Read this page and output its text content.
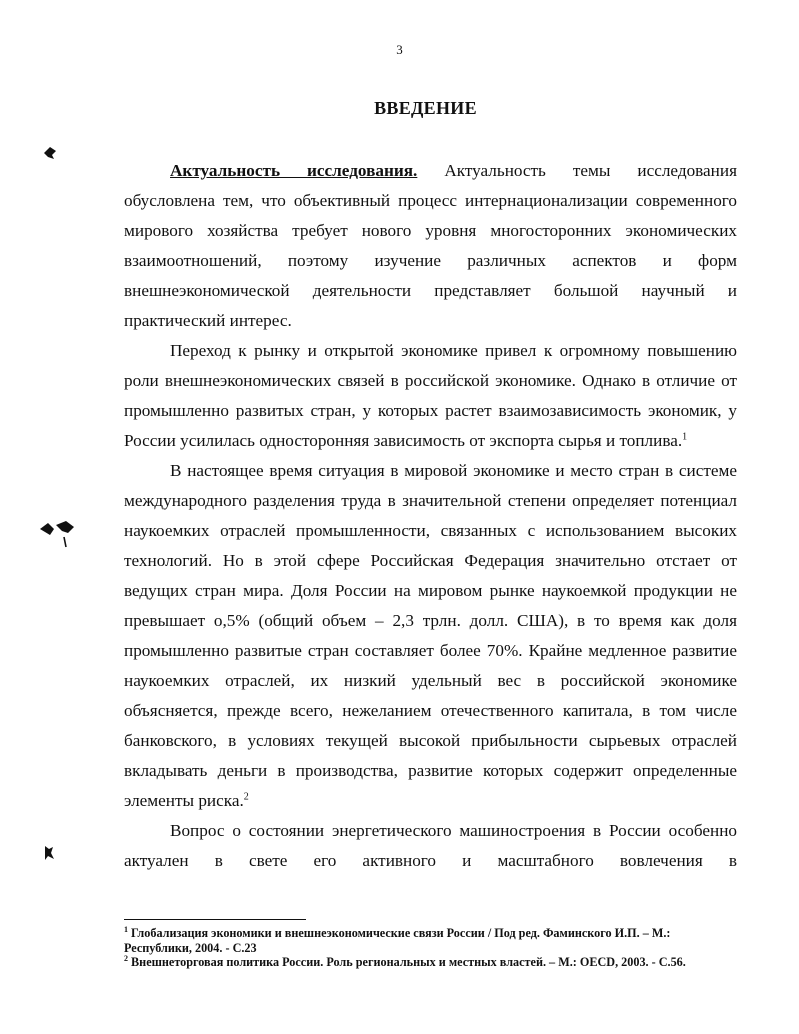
3
ВВЕДЕНИЕ

Актуальность исследования. Актуальность темы исследования обусловлена тем, что объективный процесс интернационализации современного мирового хозяйства требует нового уровня многосторонних экономических взаимоотношений, поэтому изучение различных аспектов и форм внешнеэкономической деятельности представляет большой научный и практический интерес.

Переход к рынку и открытой экономике привел к огромному повышению роли внешнеэкономических связей в российской экономике. Однако в отличие от промышленно развитых стран, у которых растет взаимозависимость экономик, у России усилилась односторонняя зависимость от экспорта сырья и топлива.$^1$

В настоящее время ситуация в мировой экономике и место стран в системе международного разделения труда в значительной степени определяет потенциал наукоемких отраслей промышленности, связанных с использованием высоких технологий. Но в этой сфере Российская Федерация значительно отстает от ведущих стран мира. Доля России на мировом рынке наукоемкой продукции не превышает о,5% (общий объем – 2,3 трлн. долл. США), в то время как доля промышленно развитые стран составляет более 70%. Крайне медленное развитие наукоемких отраслей, их низкий удельный вес в российской экономике объясняется, прежде всего, нежеланием отечественного капитала, в том числе банковского, в условиях текущей высокой прибыльности сырьевых отраслей вкладывать деньги в производства, развитие которых содержит определенные элементы риска.$^2$

Вопрос о состоянии энергетического машиностроения в России особенно актуален в свете его активного и масштабного вовлечения в

$^1$ Глобализация экономики и внешнеэкономические связи России / Под ред. Фаминского И.П. – М.: Республики, 2004. - С.23

$^2$ Внешнеторговая политика России. Роль региональных и местных властей. – М.: OECD, 2003. - С.56.
